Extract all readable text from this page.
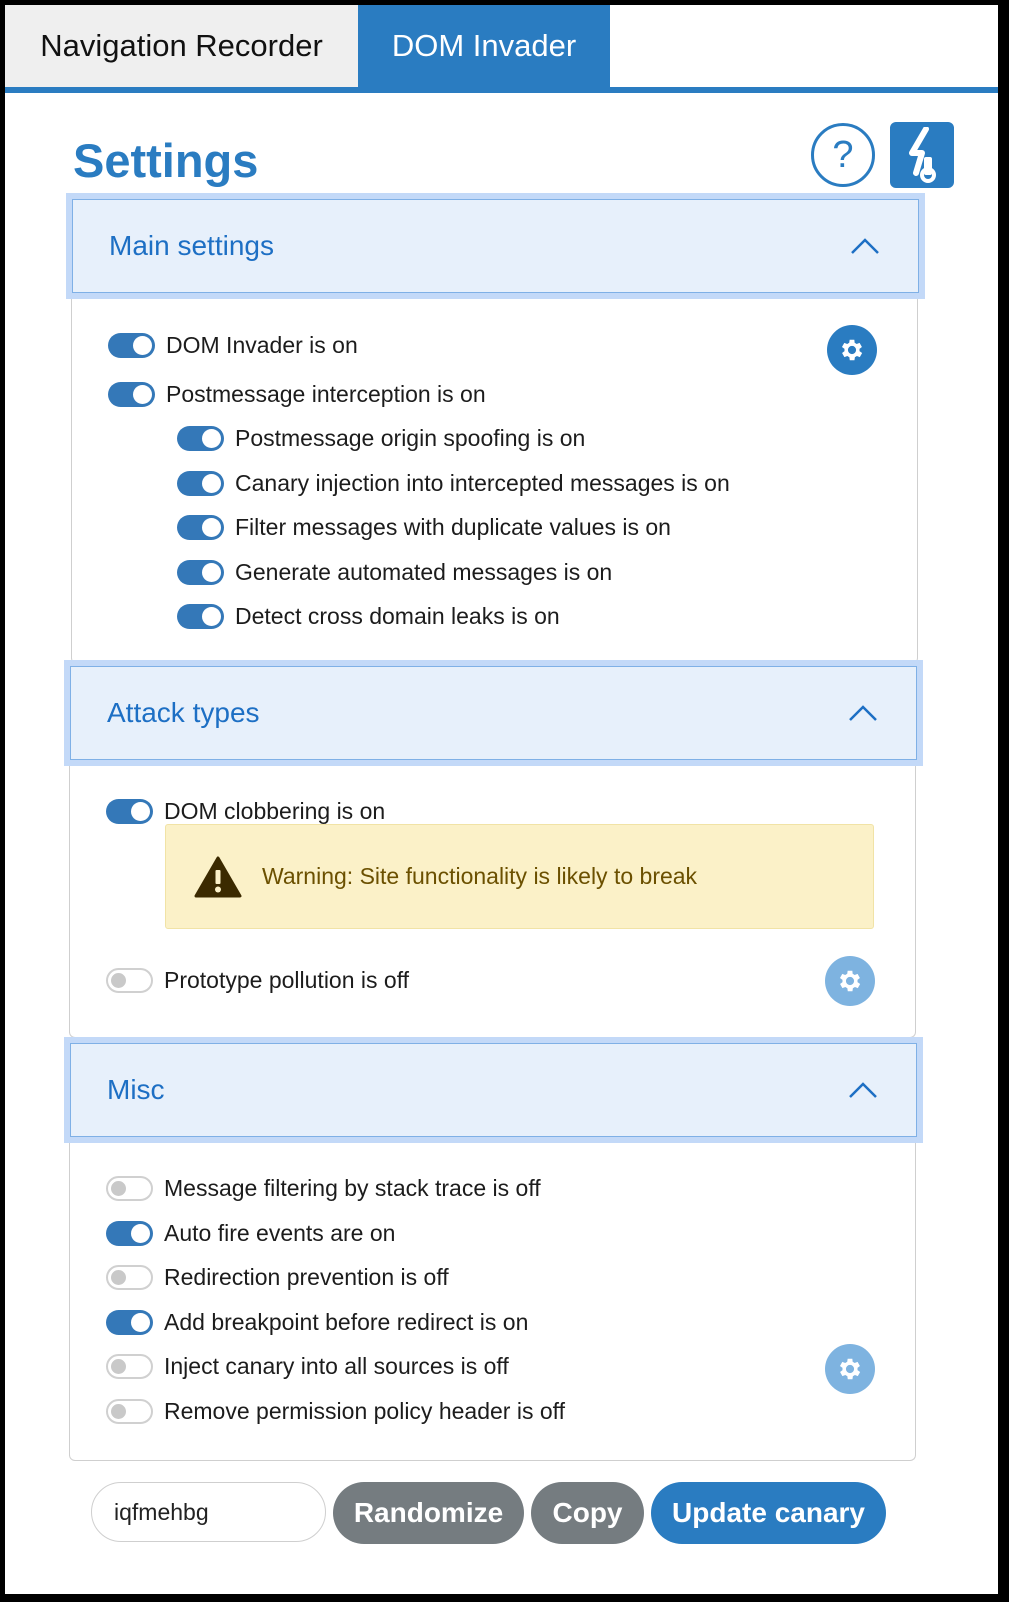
Navigation Recorder	DOM Invader
Settings	?
Main settings
DOM Invader is on
Postmessage interception is on
Postmessage origin spoofing is on
Canary injection into intercepted messages is on
Filter messages with duplicate values is on
Generate automated messages is on
Detect cross domain leaks is on
Attack types
DOM clobbering is on
Warning: Site functionality is likely to break
Prototype pollution is off
Misc
Message filtering by stack trace is off
Auto fire events are on
Redirection prevention is off
Add breakpoint before redirect is on
Inject canary into all sources is off
Remove permission policy header is off
iqfmehbg
Randomize	Copy	Update canary
